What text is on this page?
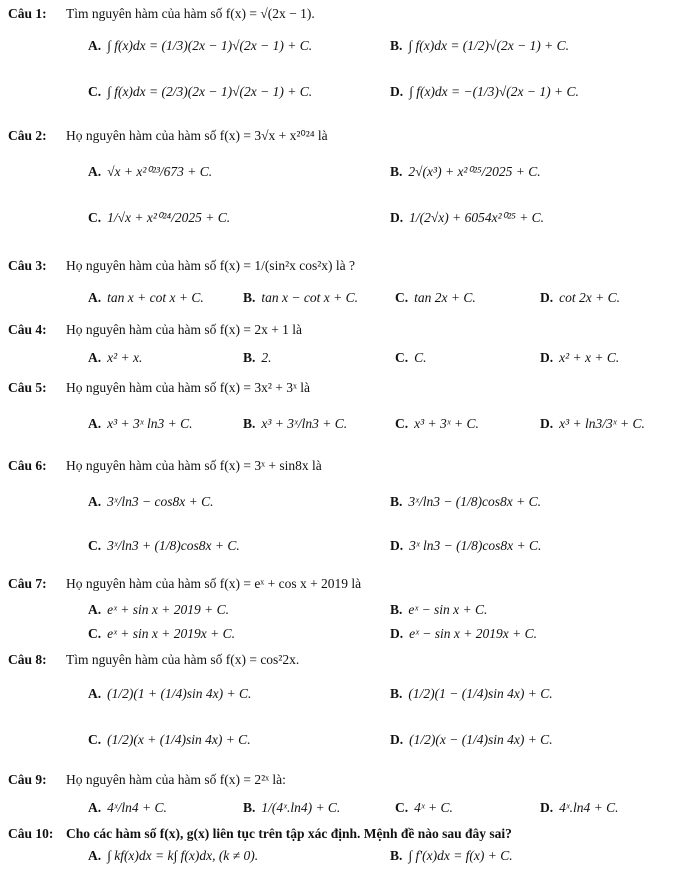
Câu 1: Tìm nguyên hàm của hàm số f(x) = √(2x − 1).
A. ∫ f(x)dx = (1/3)(2x − 1)√(2x − 1) + C.	B. ∫ f(x)dx = (1/2)√(2x − 1) + C.
C. ∫ f(x)dx = (2/3)(2x − 1)√(2x − 1) + C.	D. ∫ f(x)dx = −(1/3)√(2x − 1) + C.
Câu 2: Họ nguyên hàm của hàm số f(x) = 3√x + x²⁰²⁴ là
A. √x + x²⁰²³/673 + C.	B. 2√(x³) + x²⁰²⁵/2025 + C.
C. 1/√x + x²⁰²⁴/2025 + C.	D. 1/(2√x) + 6054x²⁰²⁵ + C.
Câu 3: Họ nguyên hàm của hàm số f(x) = 1/(sin²x cos²x) là ?
A. tan x + cot x + C.	B. tan x − cot x + C.	C. tan 2x + C.	D. cot 2x + C.
Câu 4: Họ nguyên hàm của hàm số f(x) = 2x + 1 là
A. x² + x.	B. 2.	C. C.	D. x² + x + C.
Câu 5: Họ nguyên hàm của hàm số f(x) = 3x² + 3ˣ là
A. x³ + 3ˣ ln3 + C.	B. x³ + 3ˣ/ln3 + C.	C. x³ + 3ˣ + C.	D. x³ + ln3/3ˣ + C.
Câu 6: Họ nguyên hàm của hàm số f(x) = 3ˣ + sin8x là
A. 3ˣ/ln3 − cos8x + C.	B. 3ˣ/ln3 − (1/8)cos8x + C.
C. 3ˣ/ln3 + (1/8)cos8x + C.	D. 3ˣ ln3 − (1/8)cos8x + C.
Câu 7: Họ nguyên hàm của hàm số f(x) = eˣ + cos x + 2019 là
A. eˣ + sin x + 2019 + C.	B. eˣ − sin x + C.
C. eˣ + sin x + 2019x + C.	D. eˣ − sin x + 2019x + C.
Câu 8: Tìm nguyên hàm của hàm số f(x) = cos²2x.
A. (1/2)(1 + (1/4)sin 4x) + C.	B. (1/2)(1 − (1/4)sin 4x) + C.
C. (1/2)(x + (1/4)sin 4x) + C.	D. (1/2)(x − (1/4)sin 4x) + C.
Câu 9: Họ nguyên hàm của hàm số f(x) = 2²ˣ là:
A. 4ˣ/ln4 + C.	B. 1/(4ˣ.ln4) + C.	C. 4ˣ + C.	D. 4ˣ.ln4 + C.
Câu 10: Cho các hàm số f(x), g(x) liên tục trên tập xác định. Mệnh đề nào sau đây sai?
A. ∫ kf(x)dx = k∫ f(x)dx, (k ≠ 0).	B. ∫ f'(x)dx = f(x) + C.
